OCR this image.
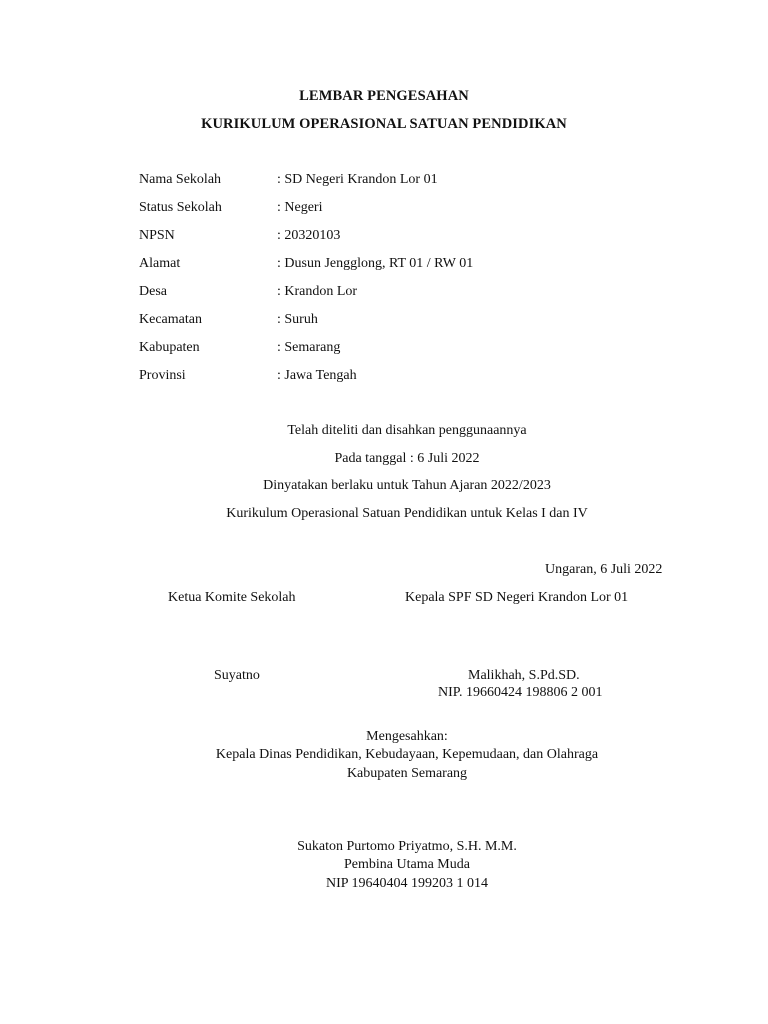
LEMBAR PENGESAHAN
KURIKULUM OPERASIONAL SATUAN PENDIDIKAN
Nama Sekolah	: SD Negeri Krandon Lor 01
Status Sekolah	: Negeri
NPSN	: 20320103
Alamat	: Dusun Jengglong, RT 01 / RW 01
Desa	: Krandon Lor
Kecamatan	: Suruh
Kabupaten	: Semarang
Provinsi	: Jawa Tengah
Telah diteliti dan disahkan penggunaannya
Pada tanggal : 6 Juli 2022
Dinyatakan berlaku untuk Tahun Ajaran 2022/2023
Kurikulum Operasional Satuan Pendidikan untuk Kelas I dan IV
Ungaran, 6 Juli 2022
Ketua Komite Sekolah	Kepala SPF SD Negeri Krandon Lor 01
Suyatno	Malikhah, S.Pd.SD.
NIP. 19660424 198806 2 001
Mengesahkan:
Kepala Dinas Pendidikan, Kebudayaan, Kepemudaan, dan Olahraga
Kabupaten Semarang
Sukaton Purtomo Priyatmo, S.H. M.M.
Pembina Utama Muda
NIP 19640404 199203 1 014
